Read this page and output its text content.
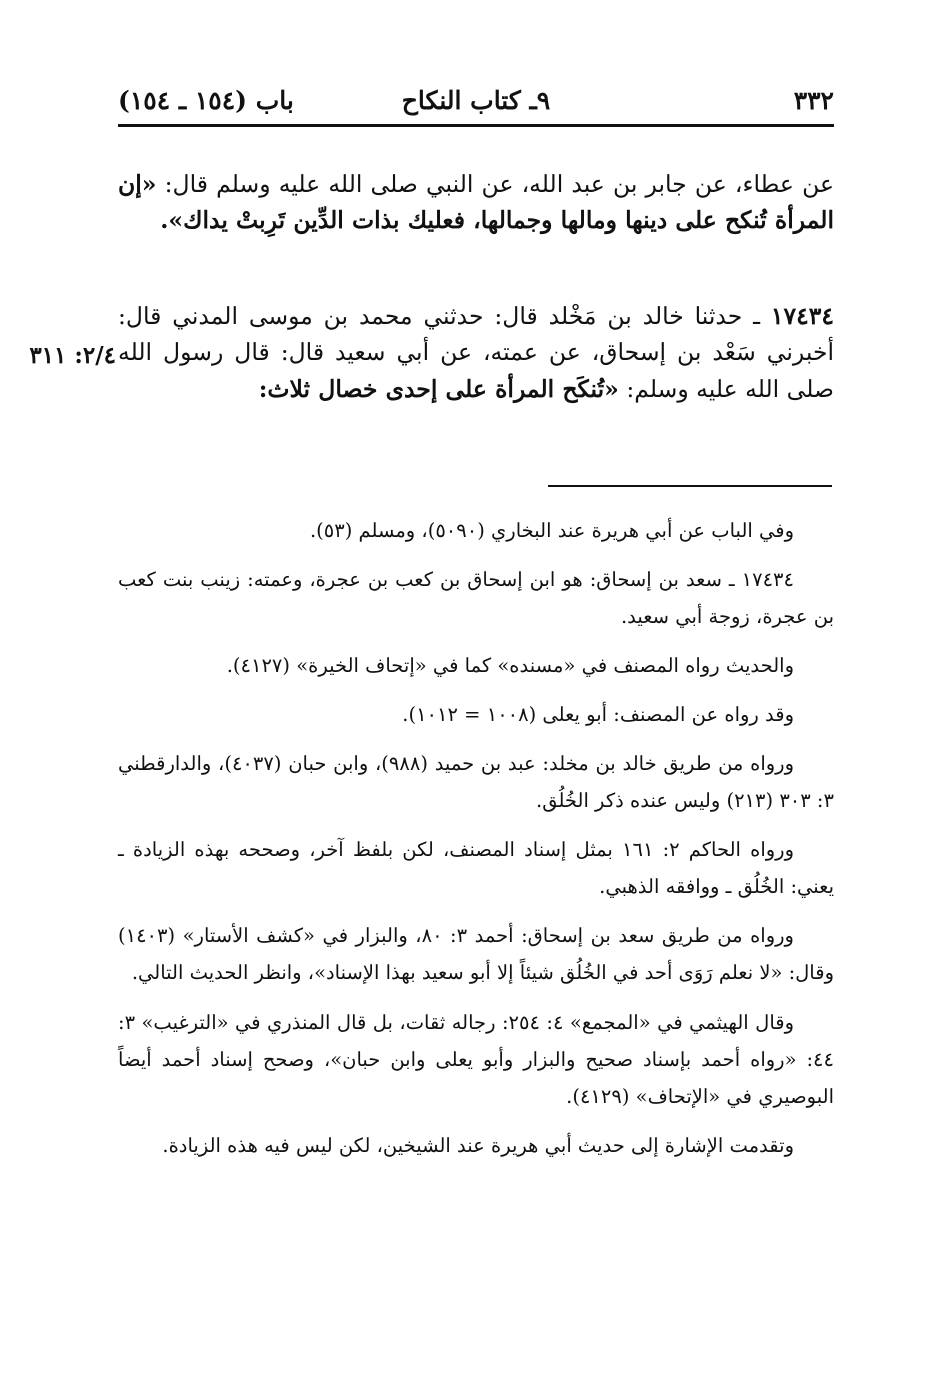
٣٣٢
٩ـ كتاب النكاح
باب (١٥٤ ـ ١٥٤)

عن عطاء، عن جابر بن عبد الله، عن النبي صلى الله عليه وسلم قال: «إن المرأة تُنكح على دينها ومالها وجمالها، فعليك بذات الدِّين تَرِبتْ يداك».

١٧٤٣٤ ـ حدثنا خالد بن مَخْلد قال: حدثني محمد بن موسى المدني قال: أخبرني سَعْد بن إسحاق، عن عمته، عن أبي سعيد قال: قال رسول الله صلى الله عليه وسلم: «تُنكَح المرأة على إحدى خصال ثلاث:

٢/٤: ٣١١

وفي الباب عن أبي هريرة عند البخاري (٥٠٩٠)، ومسلم (٥٣).

١٧٤٣٤ ـ سعد بن إسحاق: هو ابن إسحاق بن كعب بن عجرة، وعمته: زينب بنت كعب بن عجرة، زوجة أبي سعيد.

والحديث رواه المصنف في «مسنده» كما في «إتحاف الخيرة» (٤١٢٧).

وقد رواه عن المصنف: أبو يعلى (١٠٠٨ = ١٠١٢).

ورواه من طريق خالد بن مخلد: عبد بن حميد (٩٨٨)، وابن حبان (٤٠٣٧)، والدارقطني ٣: ٣٠٣ (٢١٣) وليس عنده ذكر الخُلُق.

ورواه الحاكم ٢: ١٦١ بمثل إسناد المصنف، لكن بلفظ آخر، وصححه بهذه الزيادة ـ يعني: الخُلُق ـ ووافقه الذهبي.

ورواه من طريق سعد بن إسحاق: أحمد ٣: ٨٠، والبزار في «كشف الأستار» (١٤٠٣) وقال: «لا نعلم رَوَى أحد في الخُلُق شيئاً إلا أبو سعيد بهذا الإسناد»، وانظر الحديث التالي.

وقال الهيثمي في «المجمع» ٤: ٢٥٤: رجاله ثقات، بل قال المنذري في «الترغيب» ٣: ٤٤: «رواه أحمد بإسناد صحيح والبزار وأبو يعلى وابن حبان»، وصحح إسناد أحمد أيضاً البوصيري في «الإتحاف» (٤١٢٩).

وتقدمت الإشارة إلى حديث أبي هريرة عند الشيخين، لكن ليس فيه هذه الزيادة.
